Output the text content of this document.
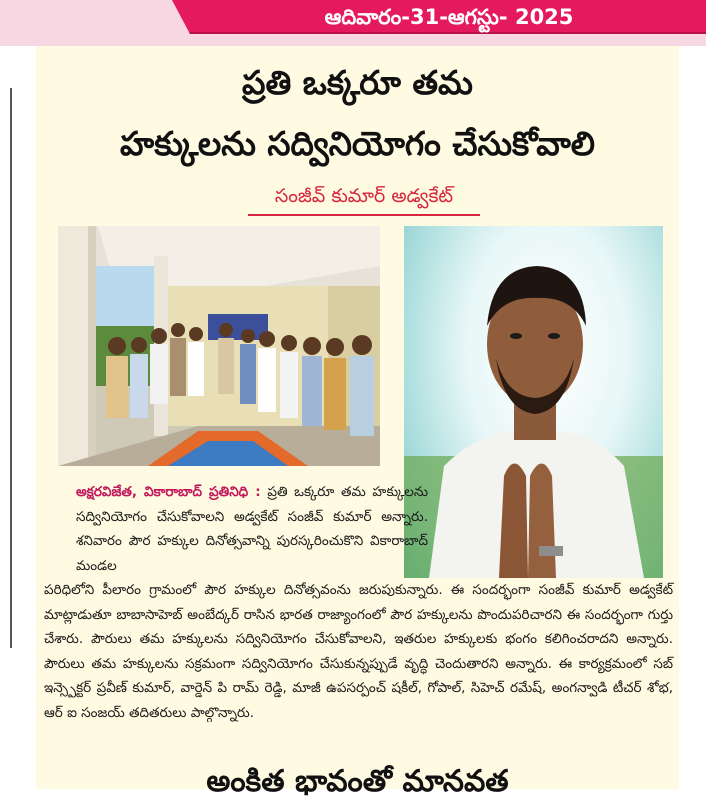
ఆదివారం-31-ఆగస్టు- 2025
ప్రతి ఒక్కరూ తమ
హక్కులను సద్వినియోగం చేసుకోవాలి
సంజీవ్ కుమార్ అడ్వకేట్
అక్షరవిజేత, వికారాబాద్ ప్రతినిధి : ప్రతి ఒక్కరూ తమ హక్కులను సద్వినియోగం చేసుకోవాలని అడ్వకేట్ సంజీవ్ కుమార్ అన్నారు. శనివారం పౌర హక్కుల దినోత్సవాన్ని పురస్కరించుకొని వికారాబాద్ మండల
పరిధిలోని పీలారం గ్రామంలో పౌర హక్కుల దినోత్సవంను జరుపుకున్నారు. ఈ సందర్భంగా సంజీవ్ కుమార్ అడ్వకేట్ మాట్లాడుతూ బాబాసాహెబ్ అంబేద్కర్ రాసిన భారత రాజ్యాంగంలో పౌర హక్కులను పొందుపరిచారని ఈ సందర్భంగా గుర్తు చేశారు. పౌరులు తమ హక్కులను సద్వినియోగం చేసుకోవాలని, ఇతరుల హక్కులకు భంగం కలిగించరాదని అన్నారు. పౌరులు తమ హక్కులను సక్రమంగా సద్వినియోగం చేసుకున్నప్పుడే వృద్ధి చెందుతారని అన్నారు. ఈ కార్యక్రమంలో సబ్ ఇన్స్పెక్టర్ ప్రవీణ్ కుమార్, వార్డెన్ పి రామ్ రెడ్డి, మాజీ ఉపసర్పంచ్ షకీల్, గోపాల్, సిహెచ్ రమేష్, అంగన్వాడి టీచర్ శోభ, ఆర్ ఐ సంజయ్ తదితరులు పాల్గొన్నారు.
అంకిత భావంతో మానవత
